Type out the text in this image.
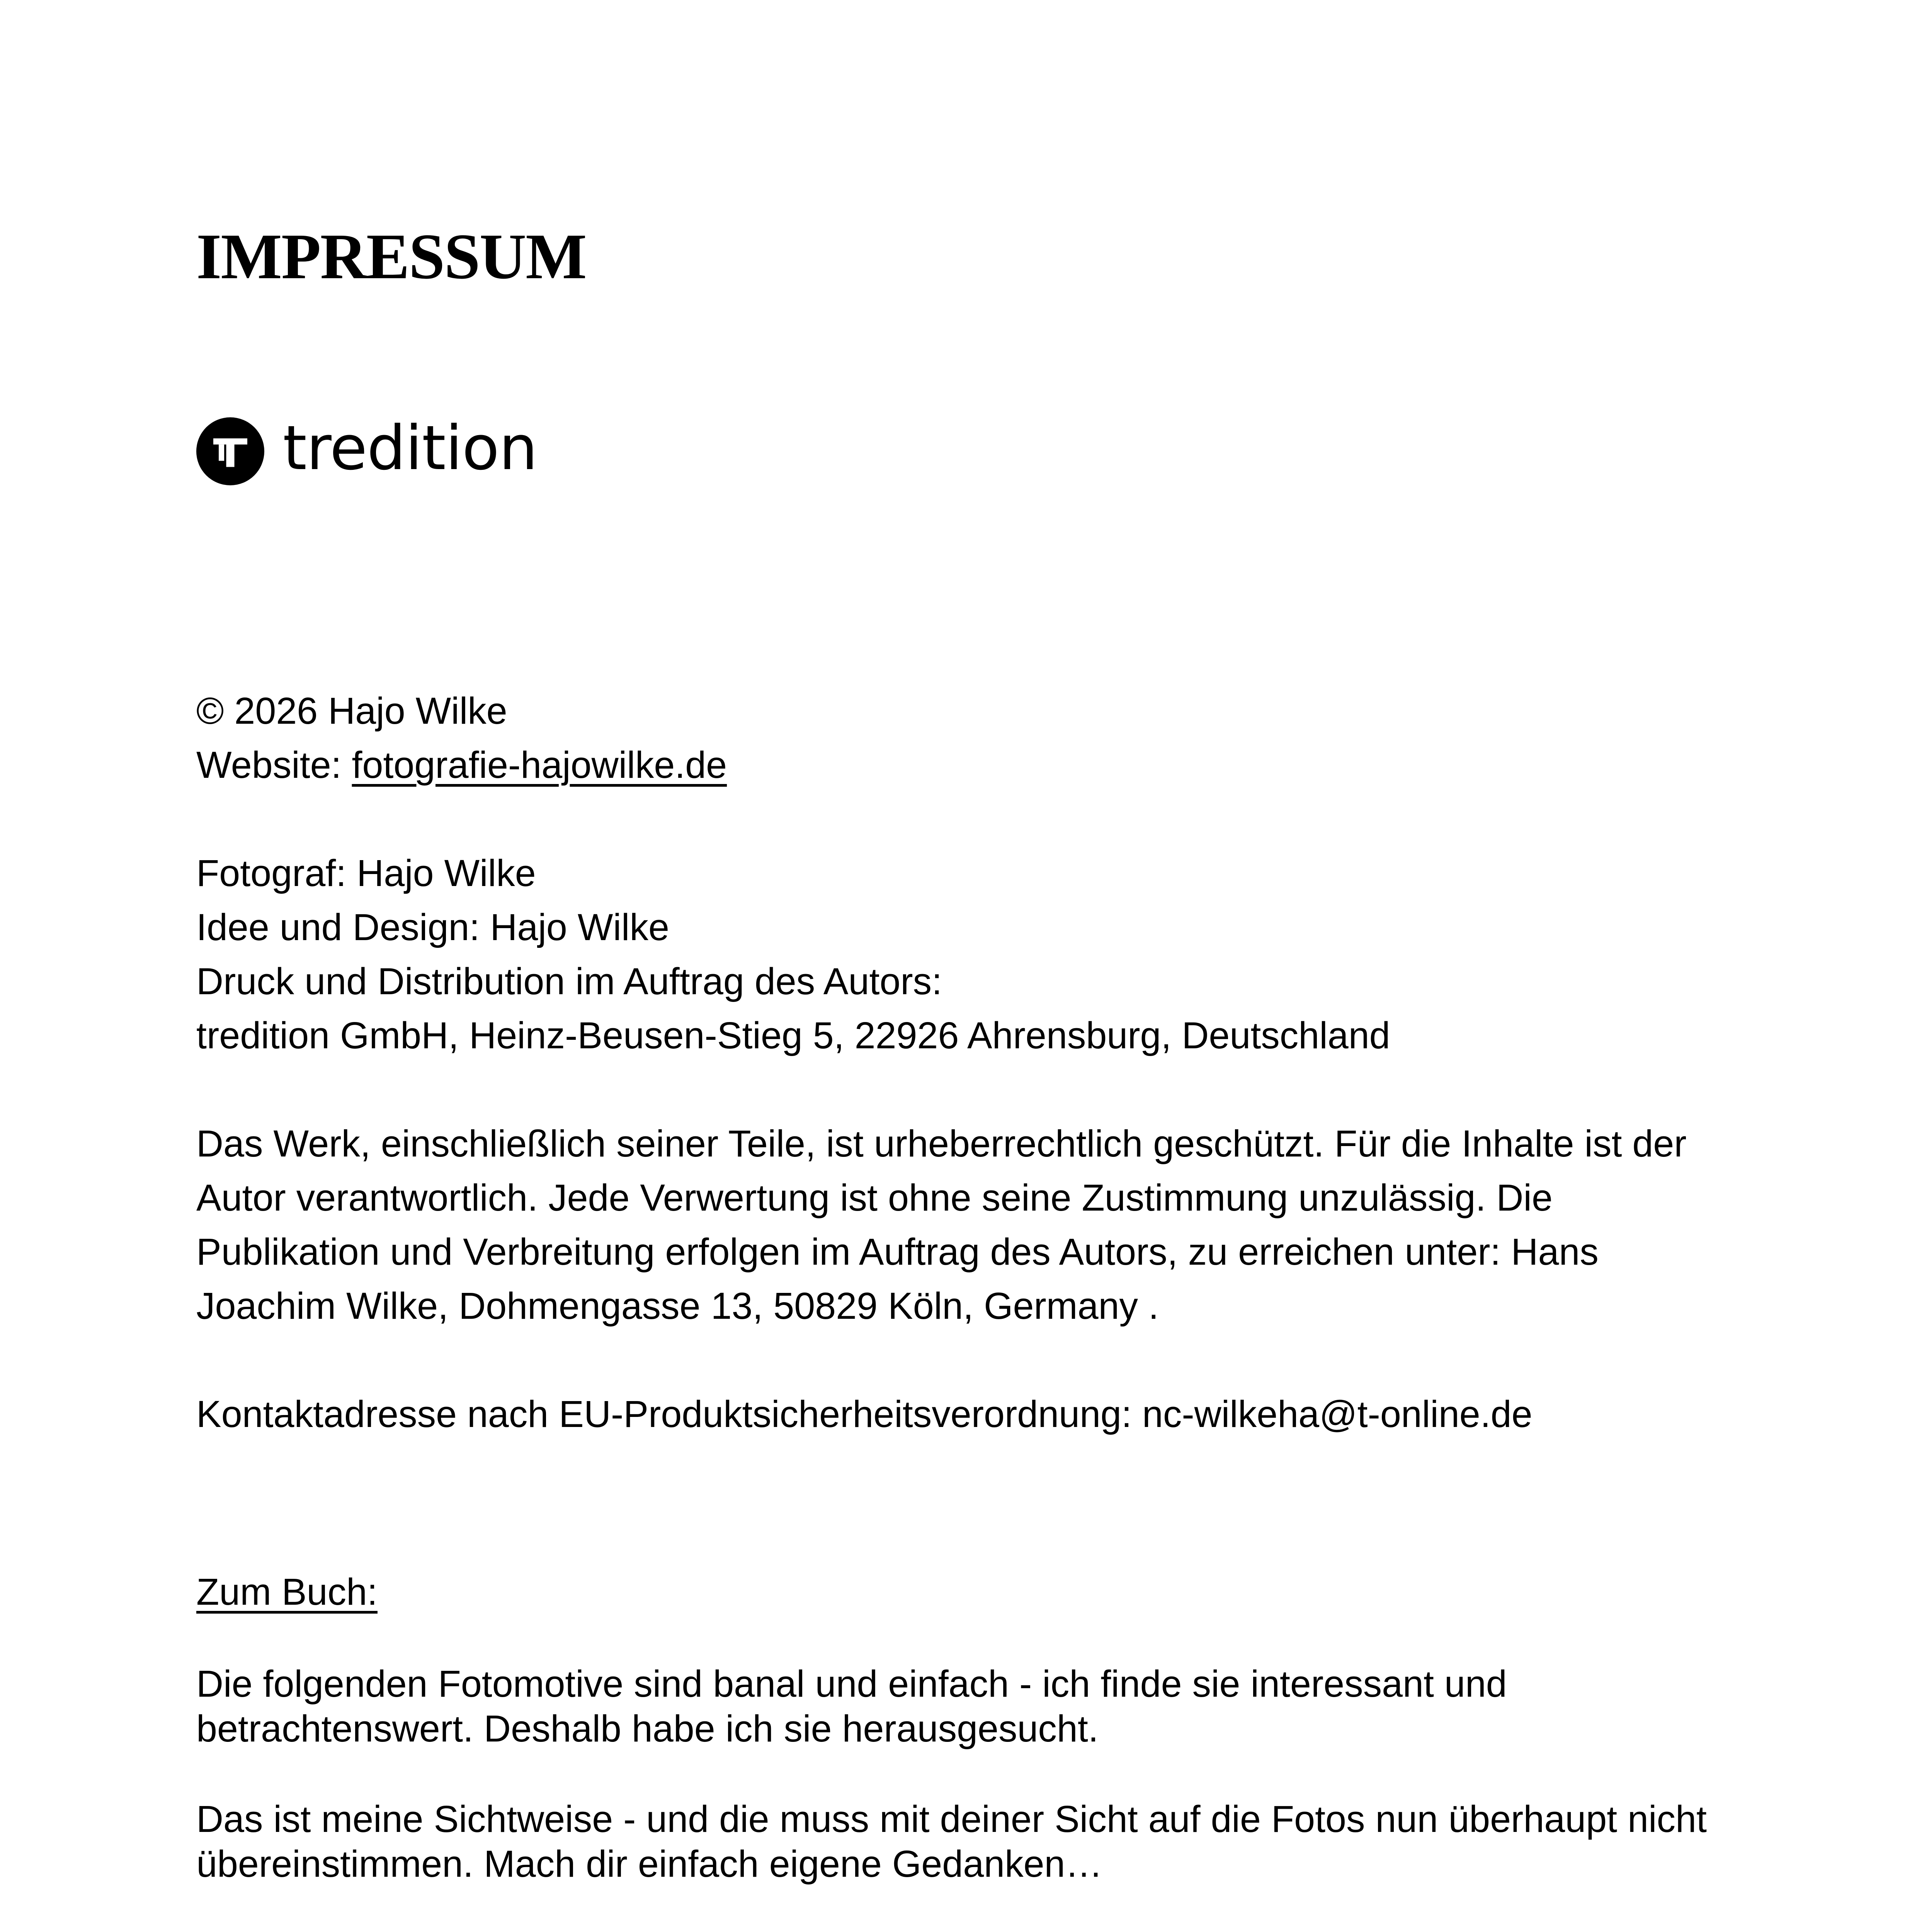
IMPRESSUM
tredition

© 2026 Hajo Wilke

Website: fotografie-hajowilke.de

Fotograf: Hajo Wilke

Idee und Design: Hajo Wilke

Druck und Distribution im Auftrag des Autors:

tredition GmbH, Heinz-Beusen-Stieg 5, 22926 Ahrensburg, Deutschland

Das Werk, einschließlich seiner Teile, ist urheberrechtlich geschützt. Für die Inhalte ist der Autor verantwortlich. Jede Verwertung ist ohne seine Zustimmung unzulässig. Die Publikation und Verbreitung erfolgen im Auftrag des Autors, zu erreichen unter: Hans Joachim Wilke, Dohmengasse 13, 50829 Köln, Germany .

Kontaktadresse nach EU-Produktsicherheitsverordnung: nc-wilkeha@t-online.de

Zum Buch:

Die folgenden Fotomotive sind banal und einfach - ich finde sie interessant und betrachtenswert. Deshalb habe ich sie herausgesucht.

Das ist meine Sichtweise - und die muss mit deiner Sicht auf die Fotos nun überhaupt nicht übereinstimmen. Mach dir einfach eigene Gedanken…
